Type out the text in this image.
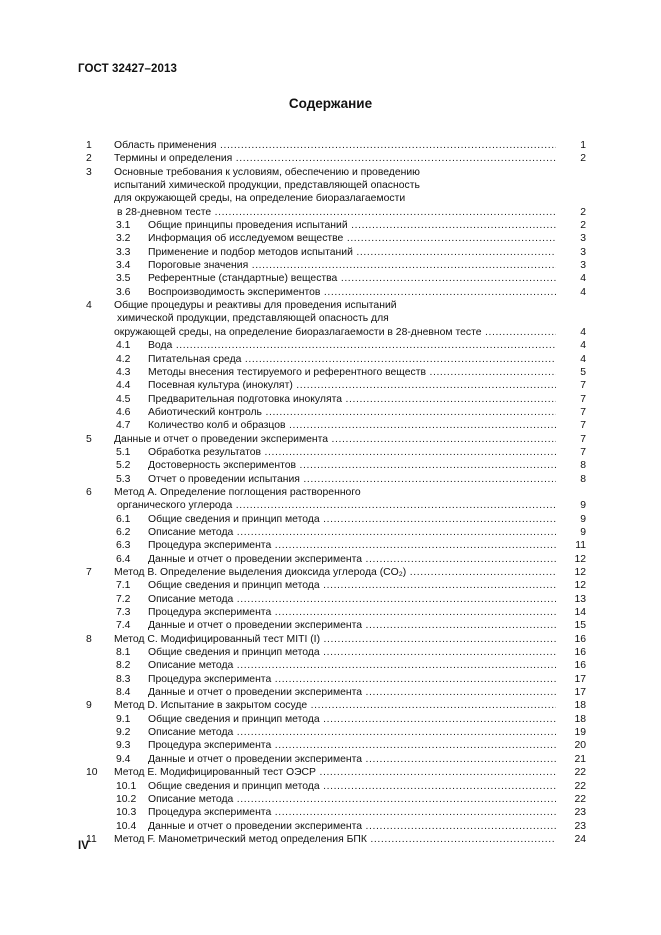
ГОСТ 32427–2013
Содержание
1 Область применения .....	1
2 Термины и определения .....	2
3 Основные требования к условиям, обеспечению и проведению
испытаний химической продукции, представляющей опасность
для окружающей среды, на определение биоразлагаемости
в 28-дневном тесте .....	2
3.1 Общие принципы проведения испытаний .....	2
3.2 Информация об исследуемом веществе .....	3
3.3 Применение и подбор методов испытаний .....	3
3.4 Пороговые значения .....	3
3.5 Референтные (стандартные) вещества .....	4
3.6 Воспроизводимость экспериментов .....	4
4 Общие процедуры и реактивы для проведения испытаний
химической продукции, представляющей опасность для
окружающей среды, на определение биоразлагаемости в 28-дневном тесте .....	4
4.1 Вода .....	4
4.2 Питательная среда .....	4
4.3 Методы внесения тестируемого и референтного веществ .....	5
4.4 Посевная культура (инокулят) .....	7
4.5 Предварительная подготовка инокулята .....	7
4.6 Абиотический контроль .....	7
4.7 Количество колб и образцов .....	7
5 Данные и отчет о проведении эксперимента .....	7
5.1 Обработка результатов .....	7
5.2 Достоверность экспериментов .....	8
5.3 Отчет о проведении испытания .....	8
6 Метод А. Определение поглощения растворенного
органического углерода .....	9
6.1 Общие сведения и принцип метода .....	9
6.2 Описание метода .....	9
6.3 Процедура эксперимента .....	11
6.4 Данные и отчет о проведении эксперимента .....	12
7 Метод В. Определение выделения диоксида углерода (CO₂) .....	12
7.1 Общие сведения и принцип метода .....	12
7.2 Описание метода .....	13
7.3 Процедура эксперимента .....	14
7.4 Данные и отчет о проведении эксперимента .....	15
8 Метод С. Модифицированный тест MITI (I) .....	16
8.1 Общие сведения и принцип метода .....	16
8.2 Описание метода .....	16
8.3 Процедура эксперимента .....	17
8.4 Данные и отчет о проведении эксперимента .....	17
9 Метод D. Испытание в закрытом сосуде .....	18
9.1 Общие сведения и принцип метода .....	18
9.2 Описание метода .....	19
9.3 Процедура эксперимента .....	20
9.4 Данные и отчет о проведении эксперимента .....	21
10 Метод Е. Модифицированный тест ОЭСР .....	22
10.1 Общие сведения и принцип метода .....	22
10.2 Описание метода .....	22
10.3 Процедура эксперимента .....	23
10.4 Данные и отчет о проведении эксперимента .....	23
11 Метод F. Манометрический метод определения БПК .....	24
IV
